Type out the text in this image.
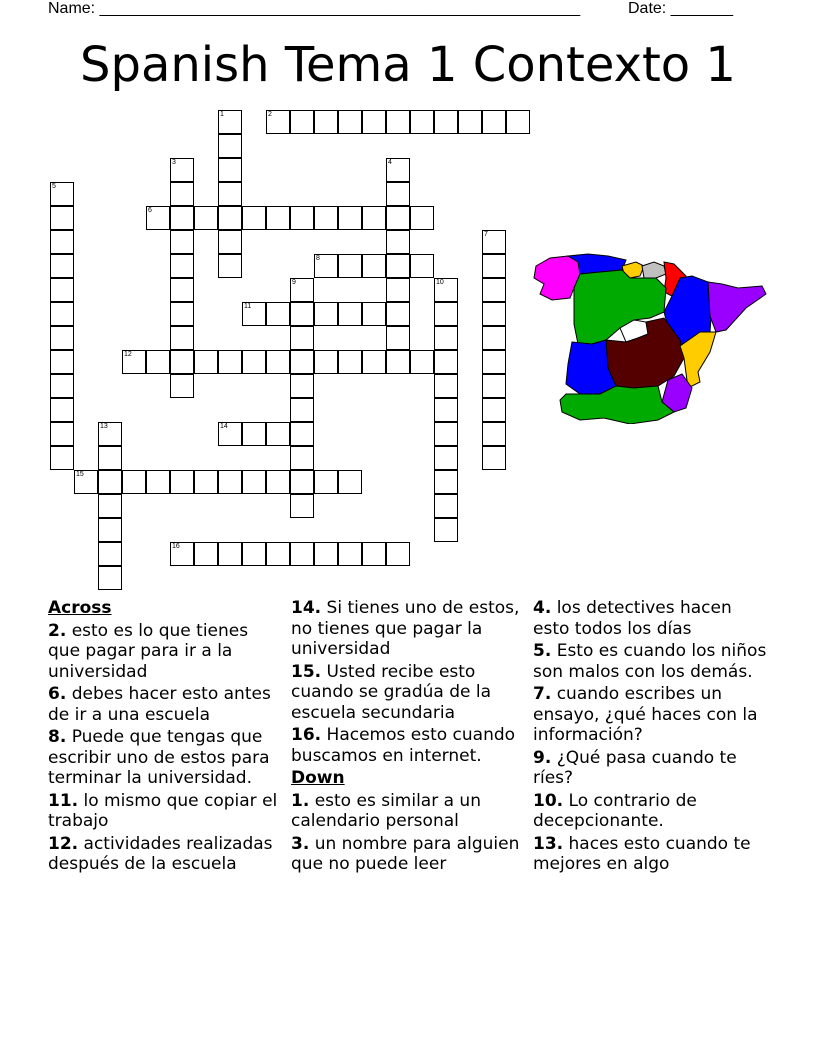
Name: ______________________________________________________	Date: _______
Spanish Tema 1 Contexto 1
1	2
3	4
5
6
7
8
9	10
11
12
13	14
15
16
Across
2. esto es lo que tienes que pagar para ir a la universidad
6. debes hacer esto antes de ir a una escuela
8. Puede que tengas que escribir uno de estos para terminar la universidad.
11. lo mismo que copiar el trabajo
12. actividades realizadas después de la escuela
14. Si tienes uno de estos, no tienes que pagar la universidad
15. Usted recibe esto cuando se gradúa de la escuela secundaria
16. Hacemos esto cuando buscamos en internet.
Down
1. esto es similar a un calendario personal
3. un nombre para alguien que no puede leer
4. los detectives hacen esto todos los días
5. Esto es cuando los niños son malos con los demás.
7. cuando escribes un ensayo, ¿qué haces con la información?
9. ¿Qué pasa cuando te ríes?
10. Lo contrario de decepcionante.
13. haces esto cuando te mejores en algo
